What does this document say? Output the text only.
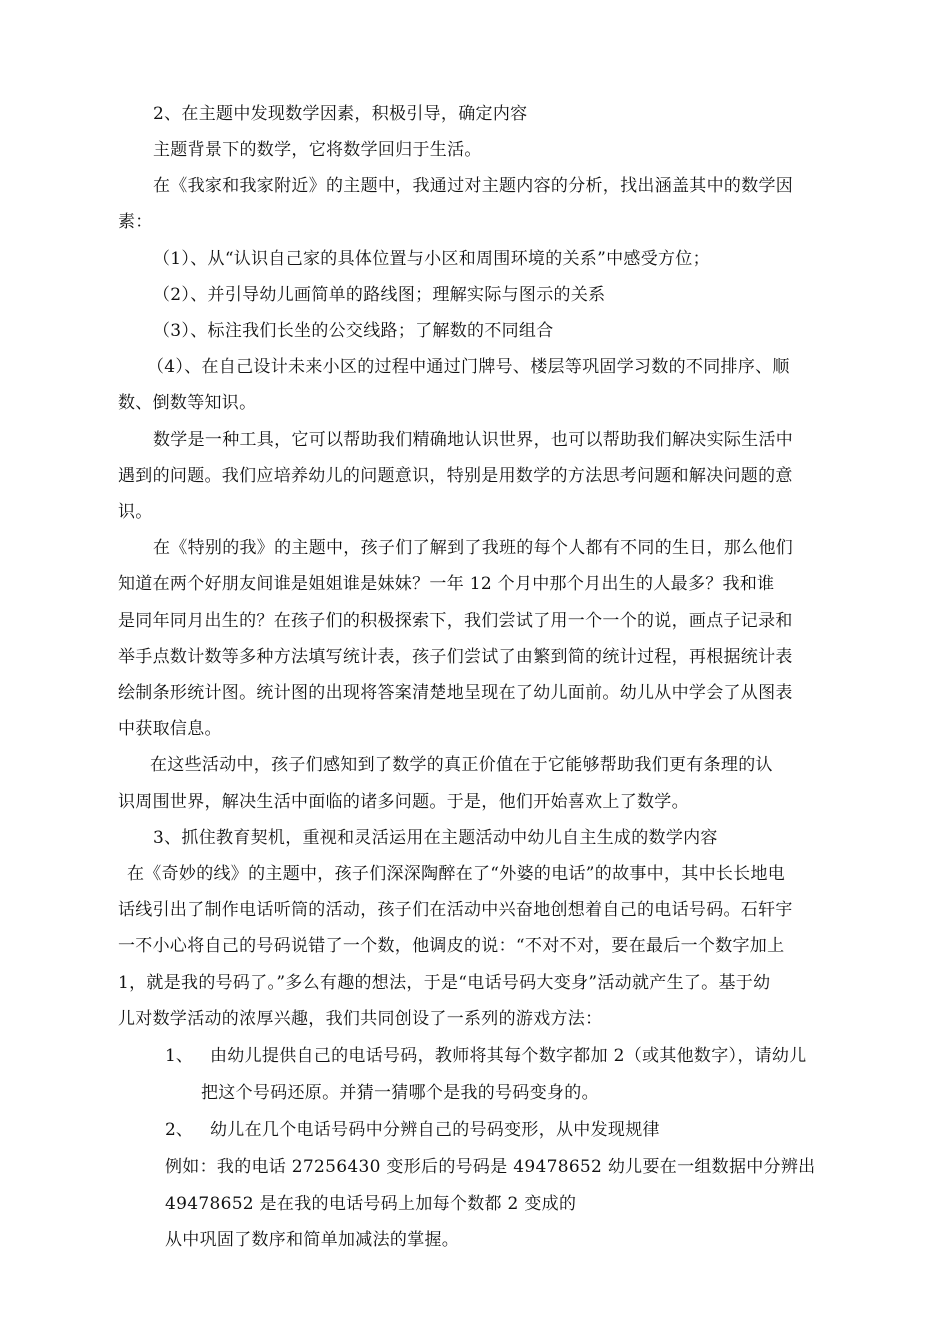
2、在主题中发现数学因素，积极引导，确定内容
主题背景下的数学，它将数学回归于生活。
在《我家和我家附近》的主题中，我通过对主题内容的分析，找出涵盖其中的数学因
素：
（1）、从“认识自己家的具体位置与小区和周围环境的关系”中感受方位；
（2）、并引导幼儿画简单的路线图；理解实际与图示的关系
（3）、标注我们长坐的公交线路；了解数的不同组合
（4）、在自己设计未来小区的过程中通过门牌号、楼层等巩固学习数的不同排序、顺
数、倒数等知识。
数学是一种工具，它可以帮助我们精确地认识世界，也可以帮助我们解决实际生活中
遇到的问题。我们应培养幼儿的问题意识，特别是用数学的方法思考问题和解决问题的意
识。
在《特别的我》的主题中，孩子们了解到了我班的每个人都有不同的生日，那么他们
知道在两个好朋友间谁是姐姐谁是妹妹？一年 12 个月中那个月出生的人最多？我和谁
是同年同月出生的？在孩子们的积极探索下，我们尝试了用一个一个的说，画点子记录和
举手点数计数等多种方法填写统计表，孩子们尝试了由繁到简的统计过程，再根据统计表
绘制条形统计图。统计图的出现将答案清楚地呈现在了幼儿面前。幼儿从中学会了从图表
中获取信息。
在这些活动中，孩子们感知到了数学的真正价值在于它能够帮助我们更有条理的认
识周围世界，解决生活中面临的诸多问题。于是，他们开始喜欢上了数学。
3、抓住教育契机，重视和灵活运用在主题活动中幼儿自主生成的数学内容
在《奇妙的线》的主题中，孩子们深深陶醉在了“外婆的电话”的故事中，其中长长地电
话线引出了制作电话听筒的活动，孩子们在活动中兴奋地创想着自己的电话号码。石轩宇
一不小心将自己的号码说错了一个数，他调皮的说：“不对不对，要在最后一个数字加上
1，就是我的号码了。”多么有趣的想法，于是“电话号码大变身”活动就产生了。基于幼
儿对数学活动的浓厚兴趣，我们共同创设了一系列的游戏方法：
1、 由幼儿提供自己的电话号码，教师将其每个数字都加 2（或其他数字），请幼儿
把这个号码还原。并猜一猜哪个是我的号码变身的。
2、 幼儿在几个电话号码中分辨自己的号码变形，从中发现规律
例如：我的电话 27256430 变形后的号码是 49478652 幼儿要在一组数据中分辨出
49478652 是在我的电话号码上加每个数都 2 变成的
从中巩固了数序和简单加减法的掌握。
